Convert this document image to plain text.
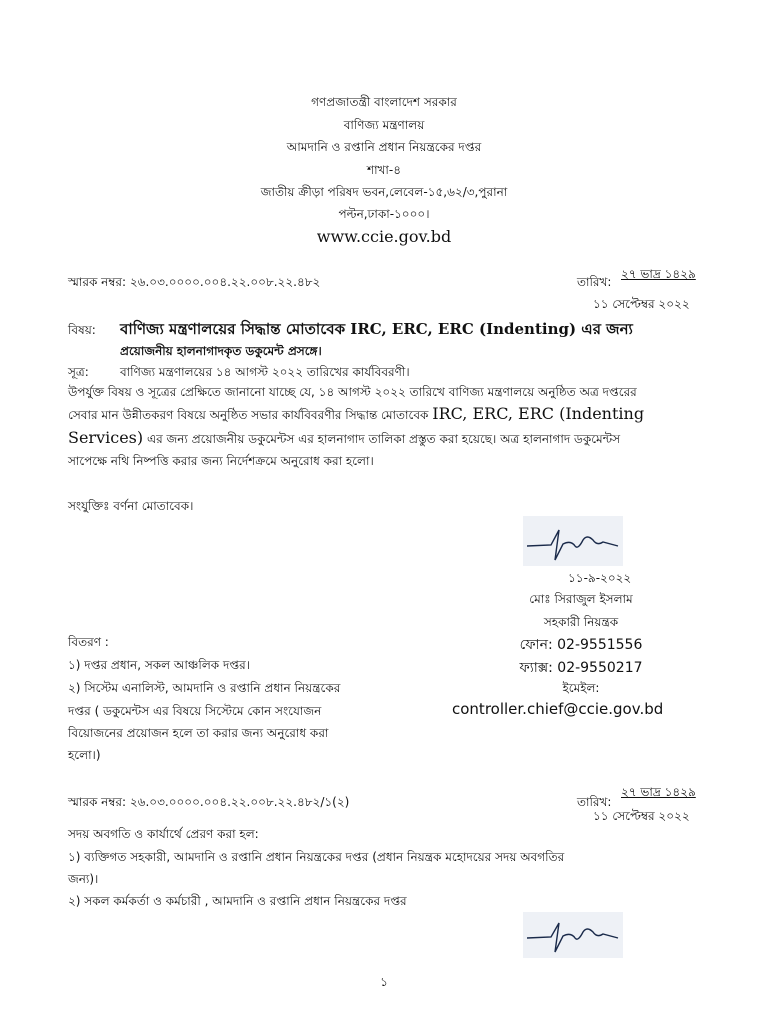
গণপ্রজাতন্ত্রী বাংলাদেশ সরকার
বাণিজ্য মন্ত্রণালয়
আমদানি ও রপ্তানি প্রধান নিয়ন্ত্রকের দপ্তর
শাখা-৪
জাতীয় ক্রীড়া পরিষদ ভবন,লেবেল-১৫,৬২/৩,পুরানা
পল্টন,ঢাকা-১০০০।
www.ccie.gov.bd
স্মারক নম্বর: ২৬.০৩.০০০০.০০৪.২২.০০৮.২২.৪৮২	তারিখ:
২৭ ভাদ্র ১৪২৯
১১ সেপ্টেম্বর ২০২২
বিষয়: বাণিজ্য মন্ত্রণালয়ের সিদ্ধান্ত মোতাবেক IRC, ERC, ERC (Indenting) এর জন্য
প্রয়োজনীয় হালনাগাদকৃত ডকুমেন্ট প্রসঙ্গে।
সূত্র:	বাণিজ্য মন্ত্রণালয়ের ১৪ আগস্ট ২০২২ তারিখের কার্যবিবরণী।
উপর্যুক্ত বিষয় ও সূত্রের প্রেক্ষিতে জানানো যাচ্ছে যে, ১৪ আগস্ট ২০২২ তারিখে বাণিজ্য মন্ত্রণালয়ে অনুষ্ঠিত অত্র দপ্তরের
সেবার মান উন্নীতকরণ বিষয়ে অনুষ্ঠিত সভার কার্যবিবরণীর সিদ্ধান্ত মোতাবেক IRC, ERC, ERC (Indenting
Services) এর জন্য প্রয়োজনীয় ডকুমেন্টস এর হালনাগাদ তালিকা প্রস্তুত করা হয়েছে। অত্র হালনাগাদ ডকুমেন্টস
সাপেক্ষে নথি নিষ্পত্তি করার জন্য নির্দেশক্রমে অনুরোধ করা হলো।
সংযুক্তিঃ বর্ণনা মোতাবেক।
১১-৯-২০২২
মোঃ সিরাজুল ইসলাম
সহকারী নিয়ন্ত্রক
ফোন: 02-9551556
ফ্যাক্স: 02-9550217
ইমেইল:
controller.chief@ccie.gov.bd
বিতরণ :
১) দপ্তর প্রধান, সকল আঞ্চলিক দপ্তর।
২) সিস্টেম এনালিস্ট, আমদানি ও রপ্তানি প্রধান নিয়ন্ত্রকের
দপ্তর ( ডকুমেন্টস এর বিষয়ে সিস্টেমে কোন সংযোজন
বিয়োজনের প্রয়োজন হলে তা করার জন্য অনুরোধ করা
হলো।)
স্মারক নম্বর: ২৬.০৩.০০০০.০০৪.২২.০০৮.২২.৪৮২/১(২)	তারিখ:
২৭ ভাদ্র ১৪২৯
১১ সেপ্টেম্বর ২০২২
সদয় অবগতি ও কার্যার্থে প্রেরণ করা হল:
১) ব্যক্তিগত সহকারী, আমদানি ও রপ্তানি প্রধান নিয়ন্ত্রকের দপ্তর (প্রধান নিয়ন্ত্রক মহোদয়ের সদয় অবগতির
জন্য)।
২) সকল কর্মকর্তা ও কর্মচারী , আমদানি ও রপ্তানি প্রধান নিয়ন্ত্রকের দপ্তর
১
